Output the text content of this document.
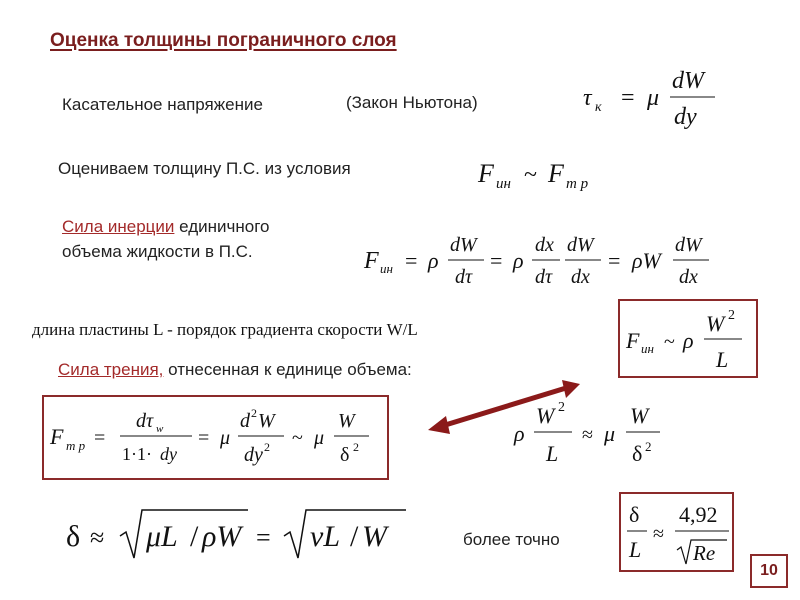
Оценка толщины пограничного слоя
Касательное напряжение	(Закон Ньютона)	τ к = μ
dW
dy
Оцениваем толщину П.С. из условия	F ин ~ F т р
Сила инерции единичного
объема жидкости в П.С.	F ин = ρ
dW
dτ
= ρ
dx
dτ
dW
dx
= ρW
dW
dx
длина пластины L - порядок градиента скорости W/L	F ин ~ ρ
W 2
L
Сила трения, отнесенная к единице объема:
F т р =
dτ w
1·1· dy
= μ
d 2 W
dy 2 ~ μ
W
δ 2
ρ
W 2
L
≈ μ
W
δ 2
δ ≈ μL / ρW = νL / W	более точно
δ
L
≈
4,92
Re
10
